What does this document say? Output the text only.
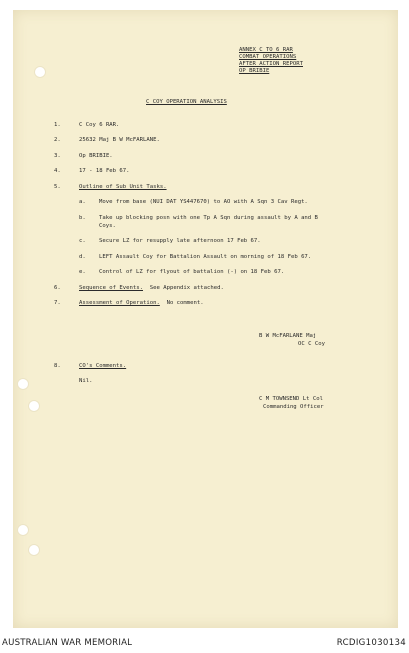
ANNEX C TO 6 RAR
COMBAT OPERATIONS
AFTER ACTION REPORT
OP BRIBIE
C COY OPERATION ANALYSIS
1.	C Coy 6 RAR.
2.	25632 Maj B W McFARLANE.
3.	Op BRIBIE.
4.	17 - 18 Feb 67.
5.	Outline of Sub Unit Tasks.
a. Move from base (NUI DAT YS447670) to AO with A Sqn 3 Cav Regt.
b. Take up blocking posn with one Tp A Sqn during assault by A and B
Coys.
c. Secure LZ for resupply late afternoon 17 Feb 67.
d. LEFT Assault Coy for Battalion Assault on morning of 18 Feb 67.
e. Control of LZ for flyout of battalion (-) on 18 Feb 67.
6.	Sequence of Events. See Appendix attached.
7.	Assessment of Operation. No comment.
B W McFARLANE Maj
OC C Coy
8.	CO's Comments.
Nil.
C M TOWNSEND Lt Col
Commanding Officer
AUSTRALIAN WAR MEMORIAL	RCDIG1030134
